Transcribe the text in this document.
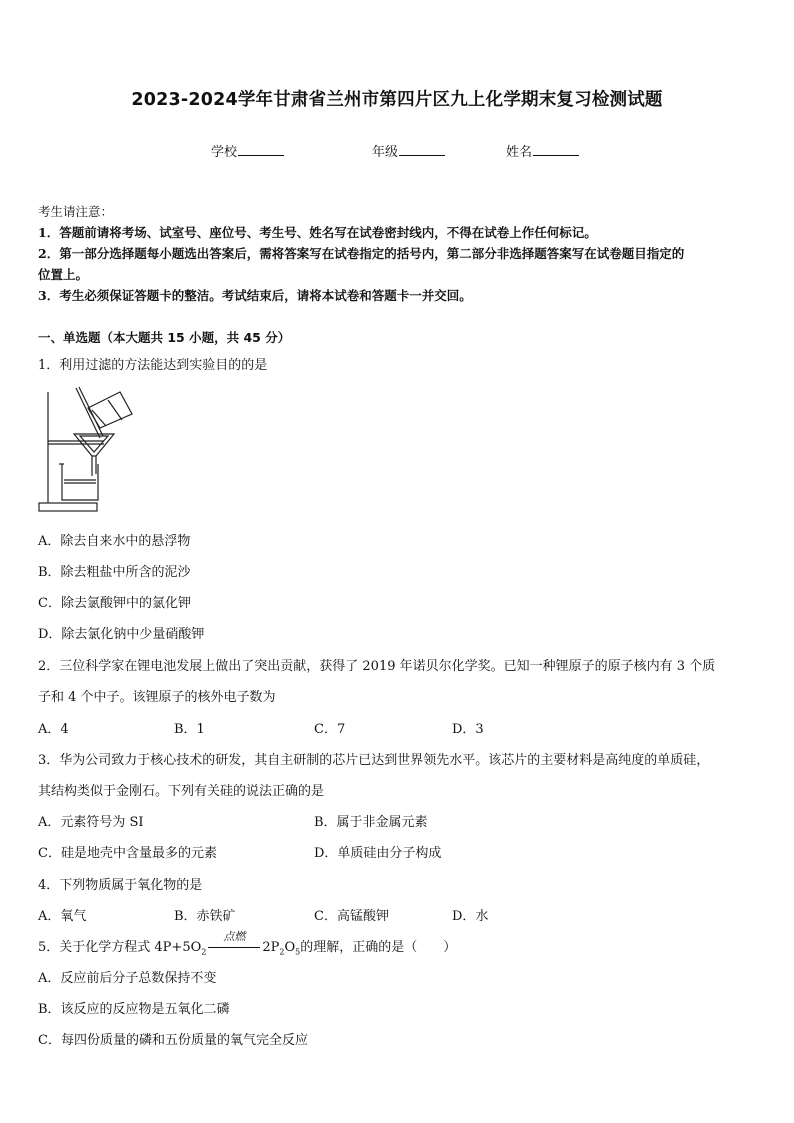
2023-2024学年甘肃省兰州市第四片区九上化学期末复习检测试题
学校	年级	姓名
考生请注意：
1．答题前请将考场、试室号、座位号、考生号、姓名写在试卷密封线内，不得在试卷上作任何标记。
2．第一部分选择题每小题选出答案后，需将答案写在试卷指定的括号内，第二部分非选择题答案写在试卷题目指定的
位置上。
3．考生必须保证答题卡的整洁。考试结束后，请将本试卷和答题卡一并交回。
一、单选题（本大题共 15 小题，共 45 分）
1．利用过滤的方法能达到实验目的的是
A．除去自来水中的悬浮物
B．除去粗盐中所含的泥沙
C．除去氯酸钾中的氯化钾
D．除去氯化钠中少量硝酸钾
2．三位科学家在锂电池发展上做出了突出贡献，获得了 2019 年诺贝尔化学奖。已知一种锂原子的原子核内有 3 个质
子和 4 个中子。该锂原子的核外电子数为
A．4	B．1	C．7	D．3
3．华为公司致力于核心技术的研发，其自主研制的芯片已达到世界领先水平。该芯片的主要材料是高纯度的单质硅，
其结构类似于金刚石。下列有关硅的说法正确的是
A．元素符号为 SI	B．属于非金属元素
C．硅是地壳中含量最多的元素	D．单质硅由分子构成
4．下列物质属于氧化物的是
A．氧气	B．赤铁矿	C．高锰酸钾	D．水
5．关于化学方程式 $4P+5O_2$
点燃
$2P_2O_5$的理解，正确的是（　　）
A．反应前后分子总数保持不变
B．该反应的反应物是五氧化二磷
C．每四份质量的磷和五份质量的氧气完全反应
